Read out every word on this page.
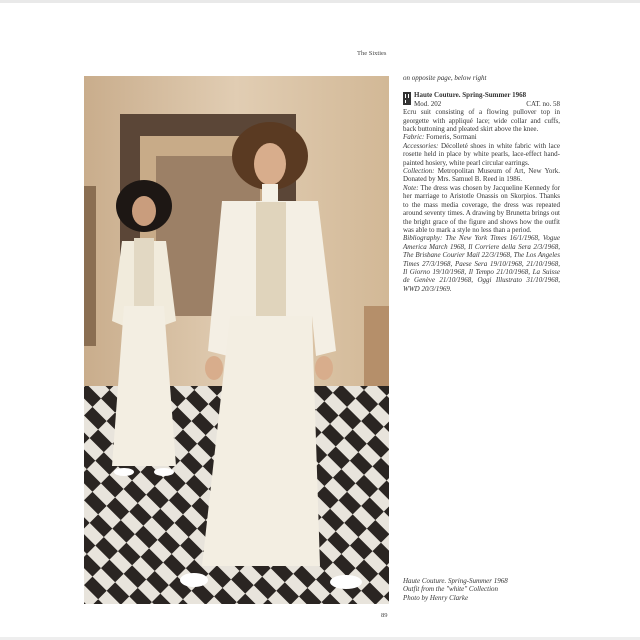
The Sixties

on opposite page, below right

Haute Couture. Spring-Summer 1968
Mod. 202	CAT. no. 58

Ecru suit consisting of a flowing pullover top in georgette with appliqué lace; wide collar and cuffs, back buttoning and pleated skirt above the knee.

Fabric: Forneris, Sormani

Accessories: Décolleté shoes in white fabric with lace rosette held in place by white pearls, lace-effect hand-painted hosiery, white pearl circular earrings.

Collection: Metropolitan Museum of Art, New York. Donated by Mrs. Samuel B. Reed in 1986.

Note: The dress was chosen by Jacqueline Kennedy for her marriage to Aristotle Onassis on Skorpios. Thanks to the mass media coverage, the dress was repeated around seventy times. A drawing by Brunetta brings out the bright grace of the figure and shows how the outfit was able to mark a style no less than a period.

Bibliography: The New York Times 16/1/1968, Vogue America March 1968, Il Corriere della Sera 2/3/1968, The Brisbane Courier Mail 22/3/1968, The Los Angeles Times 27/3/1968, Paese Sera 19/10/1968, 21/10/1968, Il Giorno 19/10/1968, Il Tempo 21/10/1968, La Suisse de Genève 21/10/1968, Oggi Illustrato 31/10/1968, WWD 20/3/1969.

Haute Couture. Spring-Summer 1968
Outfit from the "white" Collection
Photo by Henry Clarke
89
